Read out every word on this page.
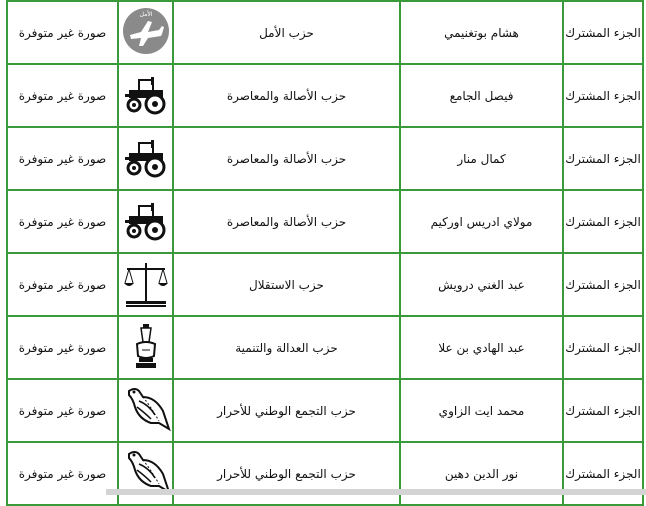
صورة غير متوفرة	الأمل	حزب الأمل	هشام بوتغنيمي	الجزء المشترك
صورة غير متوفرة		حزب الأصالة والمعاصرة	فيصل الجامع	الجزء المشترك
صورة غير متوفرة		حزب الأصالة والمعاصرة	كمال منار	الجزء المشترك
صورة غير متوفرة		حزب الأصالة والمعاصرة	مولاي ادريس اوركيم	الجزء المشترك
صورة غير متوفرة		حزب الاستقلال	عبد الغني درويش	الجزء المشترك
صورة غير متوفرة		حزب العدالة والتنمية	عبد الهادي بن علا	الجزء المشترك
صورة غير متوفرة		حزب التجمع الوطني للأحرار	محمد ايت الزاوي	الجزء المشترك
صورة غير متوفرة		حزب التجمع الوطني للأحرار	نور الدين دهين	الجزء المشترك
